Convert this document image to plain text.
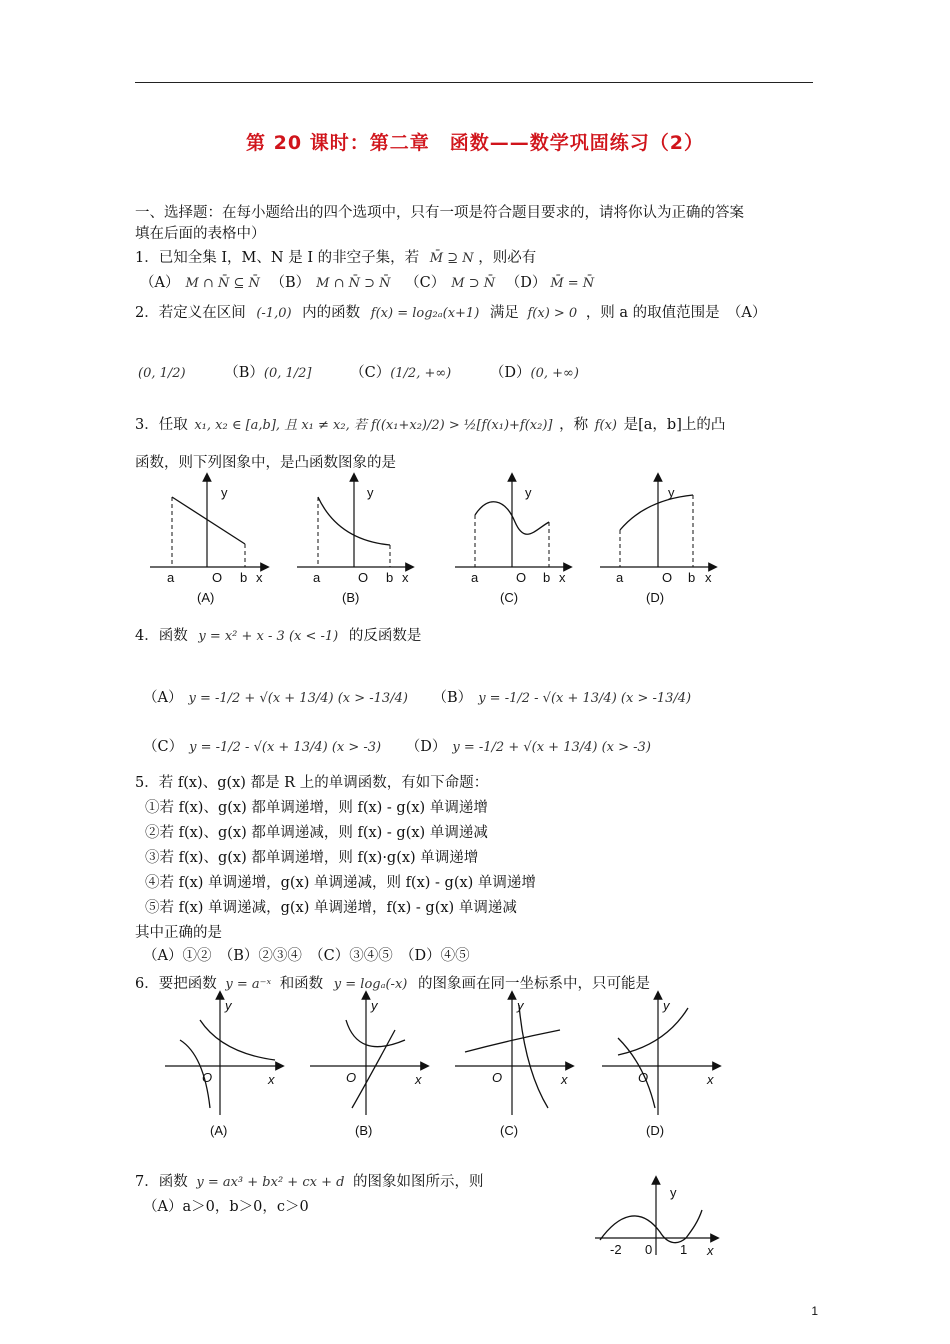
第 20 课时：第二章　函数——数学巩固练习（2）
一、选择题：在每小题给出的四个选项中，只有一项是符合题目要求的，请将你认为正确的答案
填在后面的表格中）
1．已知全集 I，M、N 是 I 的非空子集，若 M̄ ⊇ N ，则必有
（A） M ∩ N̄ ⊆ N̄ （B） M ∩ N̄ ⊃ N̄ （C） M ⊃ N̄ （D） M̄ = N̄
2．若定义在区间 (-1,0) 内的函数 f(x) = log₂ₐ(x+1) 满足 f(x) > 0 ，则 a 的取值范围是　（A）
(0, 1/2)	（B）(0, 1/2]	（C）(1/2, +∞)	（D）(0, +∞)
3．任取 x₁, x₂ ∈ [a,b], 且 x₁ ≠ x₂, 若 f((x₁+x₂)/2) > ½[f(x₁)+f(x₂)] ，称 f(x) 是[a，b]上的凸
函数，则下列图象中，是凸函数图象的是
a	O b x
y
(A)
a	O b x
y
(B)
a	O b x
y
(C)
a	O b x
y
(D)
O	x
y
(A)
O	x
y
(B)
O	x
y
(C)
O	x
y
(D)
y
-2 0 1 x
4．函数 y = x² + x - 3 (x < -1) 的反函数是
（A） y = -1/2 + √(x + 13/4) (x > -13/4) （B） y = -1/2 - √(x + 13/4) (x > -13/4)
（C） y = -1/2 - √(x + 13/4) (x > -3) （D） y = -1/2 + √(x + 13/4) (x > -3)
5．若 f(x)、g(x) 都是 R 上的单调函数，有如下命题：
①若 f(x)、g(x) 都单调递增，则 f(x) - g(x) 单调递增
②若 f(x)、g(x) 都单调递减，则 f(x) - g(x) 单调递减
③若 f(x)、g(x) 都单调递增，则 f(x)·g(x) 单调递增
④若 f(x) 单调递增，g(x) 单调递减，则 f(x) - g(x) 单调递增
⑤若 f(x) 单调递减，g(x) 单调递增，f(x) - g(x) 单调递减
其中正确的是
（A）①②　（B）②③④　（C）③④⑤　（D）④⑤
6．要把函数 y = a⁻ˣ 和函数 y = logₐ(-x) 的图象画在同一坐标系中，只可能是
7．函数 y = ax³ + bx² + cx + d 的图象如图所示，则
（A）a＞0，b＞0，c＞0
1
